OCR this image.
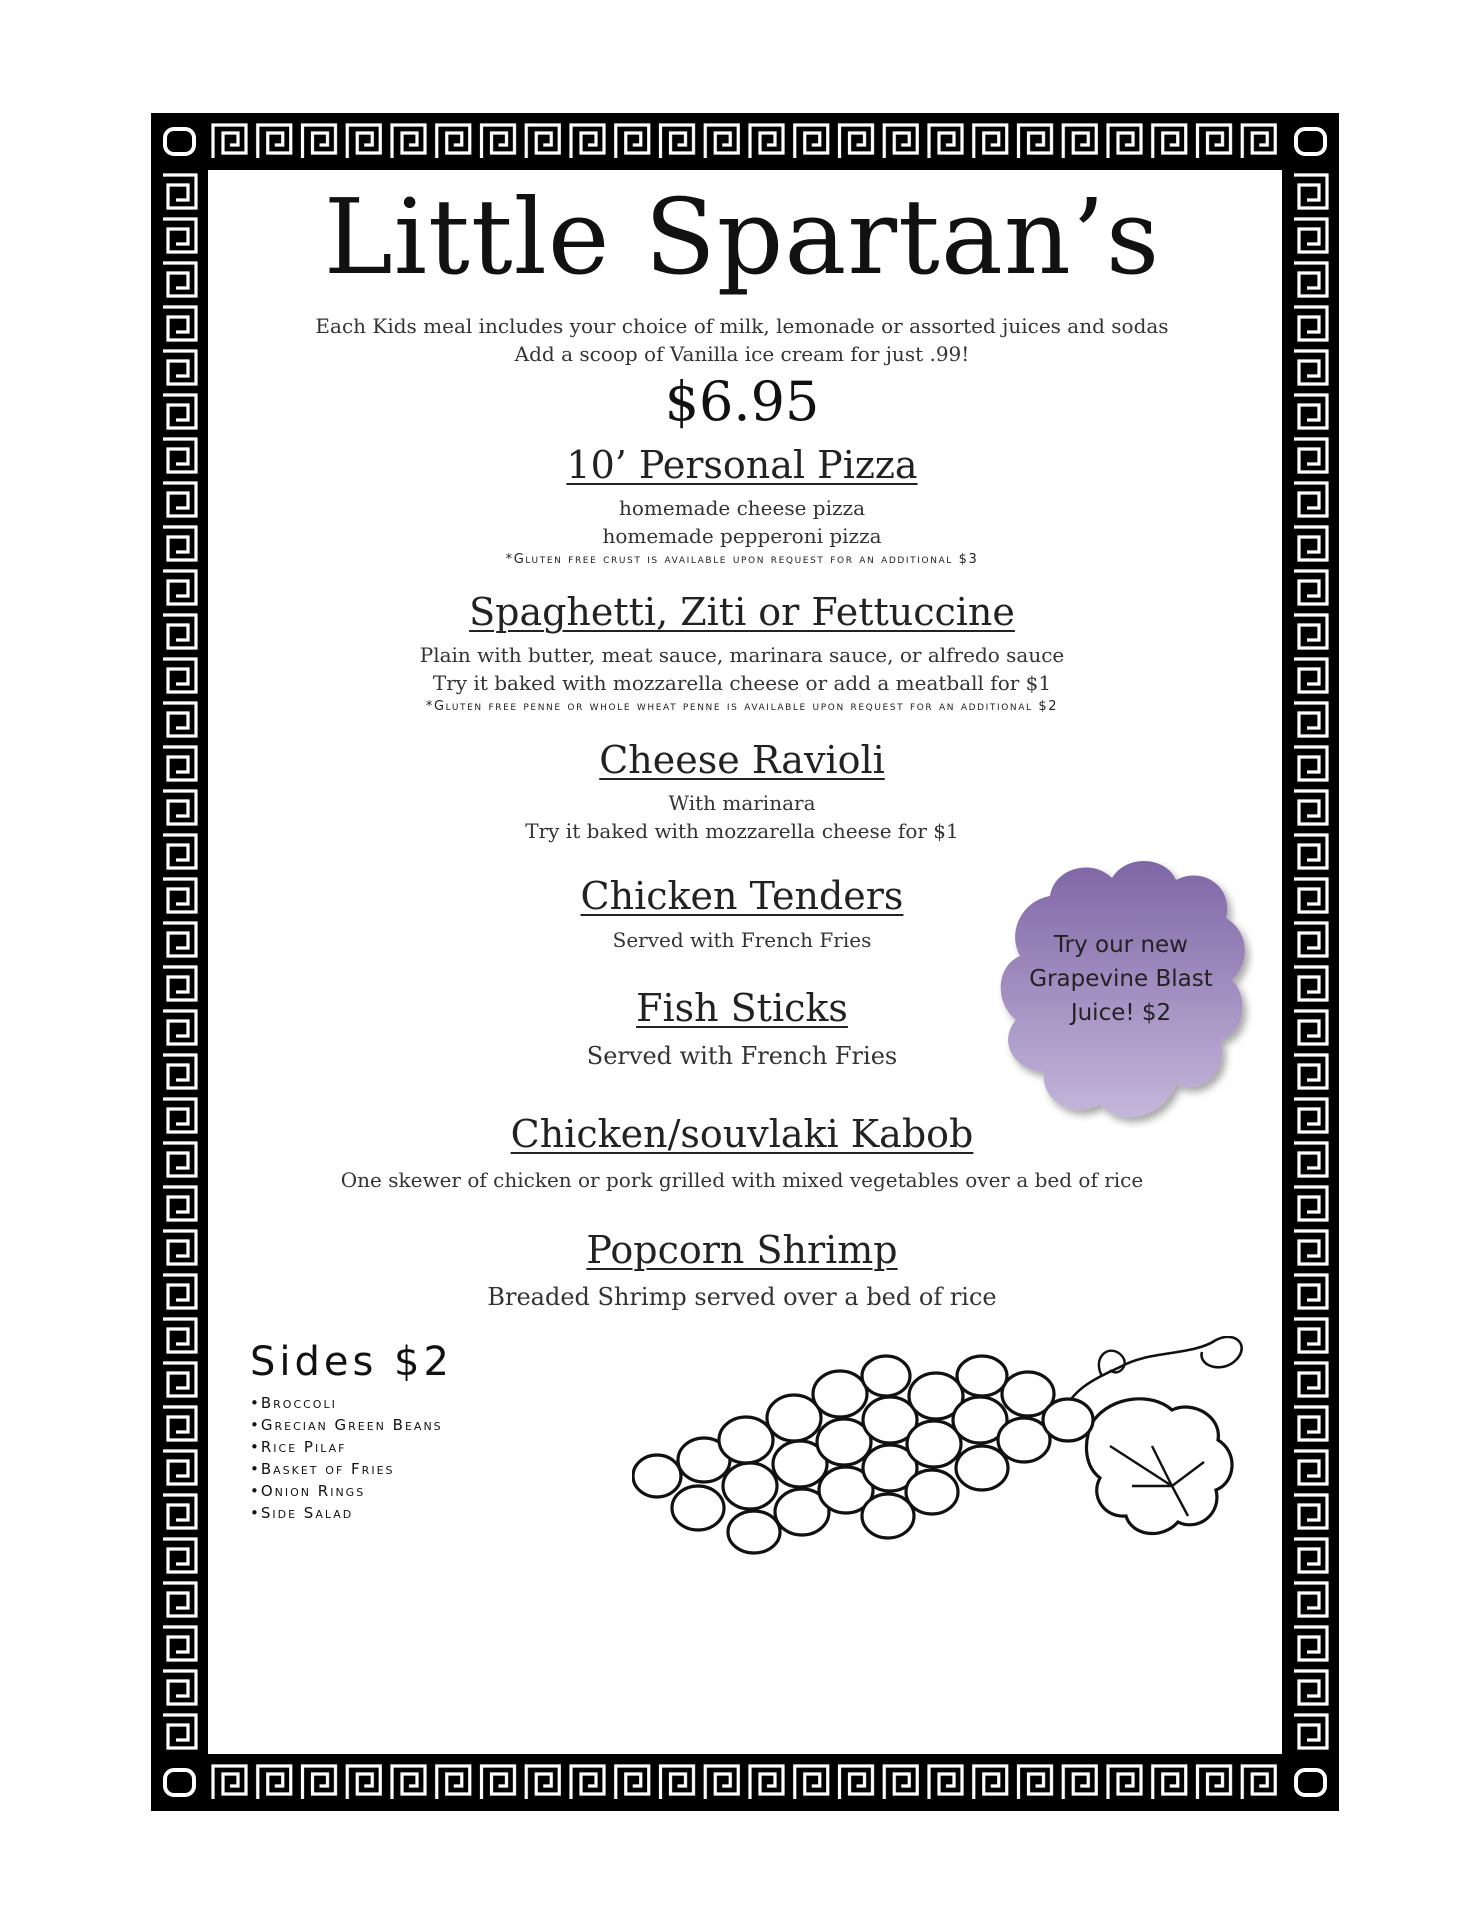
Little Spartan’s
Each Kids meal includes your choice of milk, lemonade or assorted juices and sodas
Add a scoop of Vanilla ice cream for just .99!
$6.95
10’ Personal Pizza
homemade cheese pizza
homemade pepperoni pizza
*Gluten free crust is available upon request for an additional $3
Spaghetti, Ziti or Fettuccine
Plain with butter, meat sauce, marinara sauce, or alfredo sauce
Try it baked with mozzarella cheese or add a meatball for $1
*Gluten free penne or whole wheat penne is available upon request for an additional $2
Cheese Ravioli
With marinara
Try it baked with mozzarella cheese for $1
Chicken Tenders
Served with French Fries
Fish Sticks
Served with French Fries
Chicken/souvlaki Kabob
One skewer of chicken or pork grilled with mixed vegetables over a bed of rice
Popcorn Shrimp
Breaded Shrimp served over a bed of rice
Sides $2
•Broccoli
•Grecian Green Beans
•Rice Pilaf
•Basket of Fries
•Onion Rings
•Side Salad
Try our new
Grapevine Blast
Juice! $2
